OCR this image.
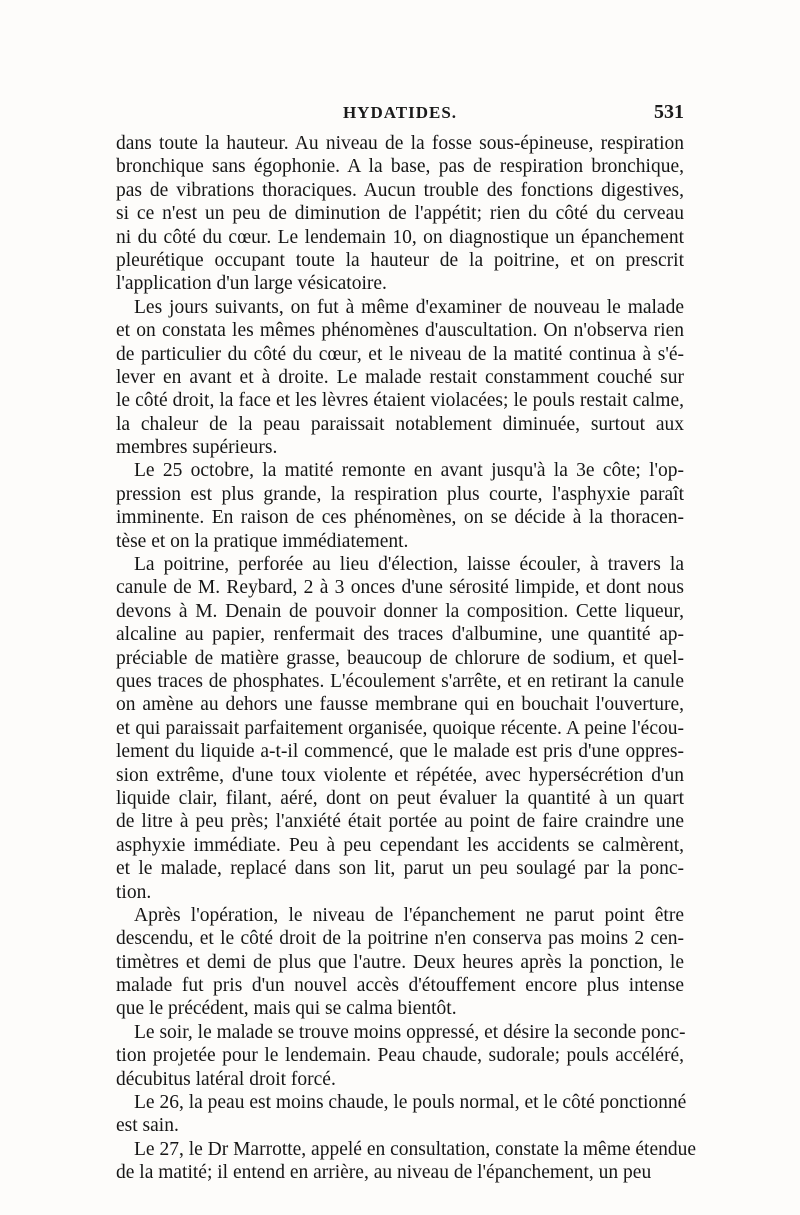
HYDATIDES.	531
dans toute la hauteur. Au niveau de la fosse sous-épineuse, respiration
bronchique sans égophonie. A la base, pas de respiration bronchique,
pas de vibrations thoraciques. Aucun trouble des fonctions digestives,
si ce n'est un peu de diminution de l'appétit; rien du côté du cerveau
ni du côté du cœur. Le lendemain 10, on diagnostique un épanchement
pleurétique occupant toute la hauteur de la poitrine, et on prescrit
l'application d'un large vésicatoire.
Les jours suivants, on fut à même d'examiner de nouveau le malade
et on constata les mêmes phénomènes d'auscultation. On n'observa rien
de particulier du côté du cœur, et le niveau de la matité continua à s'é-
lever en avant et à droite. Le malade restait constamment couché sur
le côté droit, la face et les lèvres étaient violacées; le pouls restait calme,
la chaleur de la peau paraissait notablement diminuée, surtout aux
membres supérieurs.
Le 25 octobre, la matité remonte en avant jusqu'à la 3e côte; l'op-
pression est plus grande, la respiration plus courte, l'asphyxie paraît
imminente. En raison de ces phénomènes, on se décide à la thoracen-
tèse et on la pratique immédiatement.
La poitrine, perforée au lieu d'élection, laisse écouler, à travers la
canule de M. Reybard, 2 à 3 onces d'une sérosité limpide, et dont nous
devons à M. Denain de pouvoir donner la composition. Cette liqueur,
alcaline au papier, renfermait des traces d'albumine, une quantité ap-
préciable de matière grasse, beaucoup de chlorure de sodium, et quel-
ques traces de phosphates. L'écoulement s'arrête, et en retirant la canule
on amène au dehors une fausse membrane qui en bouchait l'ouverture,
et qui paraissait parfaitement organisée, quoique récente. A peine l'écou-
lement du liquide a-t-il commencé, que le malade est pris d'une oppres-
sion extrême, d'une toux violente et répétée, avec hypersécrétion d'un
liquide clair, filant, aéré, dont on peut évaluer la quantité à un quart
de litre à peu près; l'anxiété était portée au point de faire craindre une
asphyxie immédiate. Peu à peu cependant les accidents se calmèrent,
et le malade, replacé dans son lit, parut un peu soulagé par la ponc-
tion.
Après l'opération, le niveau de l'épanchement ne parut point être
descendu, et le côté droit de la poitrine n'en conserva pas moins 2 cen-
timètres et demi de plus que l'autre. Deux heures après la ponction, le
malade fut pris d'un nouvel accès d'étouffement encore plus intense
que le précédent, mais qui se calma bientôt.
Le soir, le malade se trouve moins oppressé, et désire la seconde ponc-
tion projetée pour le lendemain. Peau chaude, sudorale; pouls accéléré,
décubitus latéral droit forcé.
Le 26, la peau est moins chaude, le pouls normal, et le côté ponctionné
est sain.
Le 27, le Dr Marrotte, appelé en consultation, constate la même étendue
de la matité; il entend en arrière, au niveau de l'épanchement, un peu
